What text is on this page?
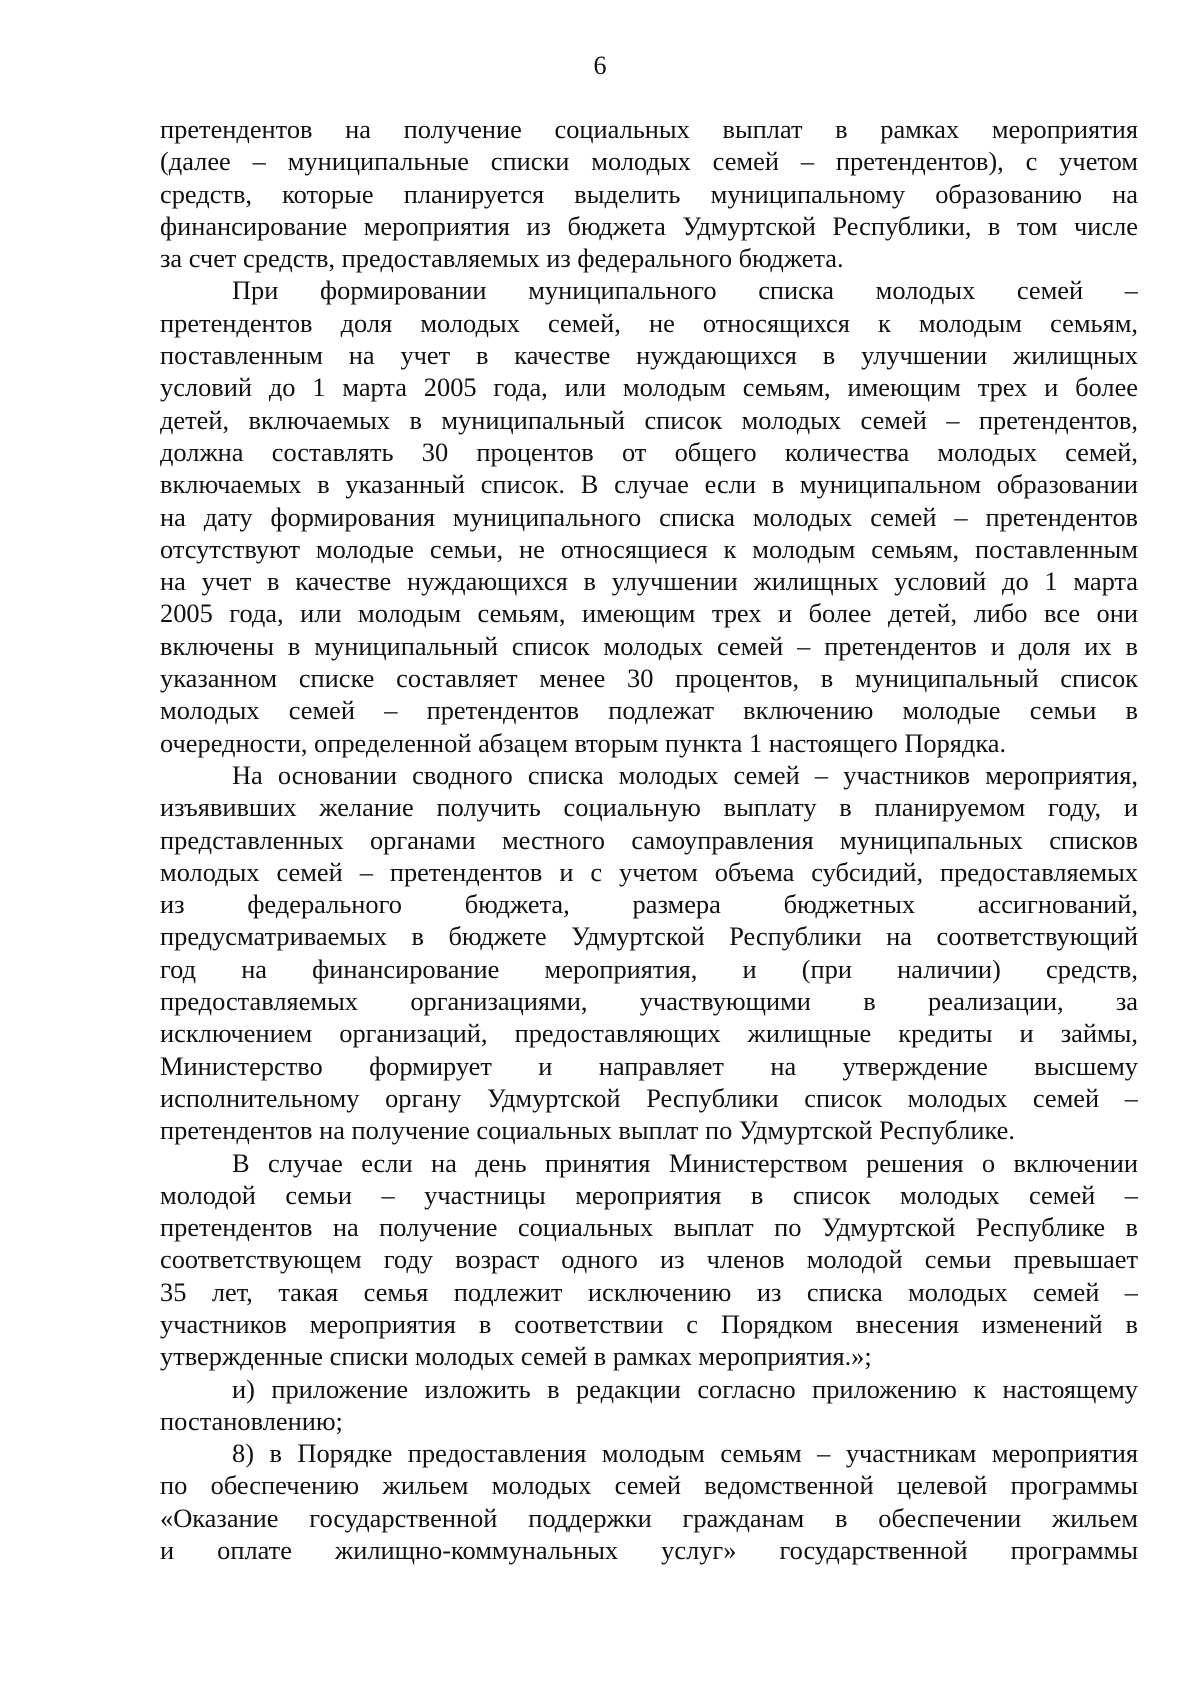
6
претендентов на получение социальных выплат в рамках мероприятия
(далее – муниципальные списки молодых семей – претендентов), с учетом
средств, которые планируется выделить муниципальному образованию на
финансирование мероприятия из бюджета Удмуртской Республики, в том числе
за счет средств, предоставляемых из федерального бюджета.
При формировании муниципального списка молодых семей –
претендентов доля молодых семей, не относящихся к молодым семьям,
поставленным на учет в качестве нуждающихся в улучшении жилищных
условий до 1 марта 2005 года, или молодым семьям, имеющим трех и более
детей, включаемых в муниципальный список молодых семей – претендентов,
должна составлять 30 процентов от общего количества молодых семей,
включаемых в указанный список. В случае если в муниципальном образовании
на дату формирования муниципального списка молодых семей – претендентов
отсутствуют молодые семьи, не относящиеся к молодым семьям, поставленным
на учет в качестве нуждающихся в улучшении жилищных условий до 1 марта
2005 года, или молодым семьям, имеющим трех и более детей, либо все они
включены в муниципальный список молодых семей – претендентов и доля их в
указанном списке составляет менее 30 процентов, в муниципальный список
молодых семей – претендентов подлежат включению молодые семьи в
очередности, определенной абзацем вторым пункта 1 настоящего Порядка.
На основании сводного списка молодых семей – участников мероприятия,
изъявивших желание получить социальную выплату в планируемом году, и
представленных органами местного самоуправления муниципальных списков
молодых семей – претендентов и с учетом объема субсидий, предоставляемых
из федерального бюджета, размера бюджетных ассигнований,
предусматриваемых в бюджете Удмуртской Республики на соответствующий
год на финансирование мероприятия, и (при наличии) средств,
предоставляемых организациями, участвующими в реализации, за
исключением организаций, предоставляющих жилищные кредиты и займы,
Министерство формирует и направляет на утверждение высшему
исполнительному органу Удмуртской Республики список молодых семей –
претендентов на получение социальных выплат по Удмуртской Республике.
В случае если на день принятия Министерством решения о включении
молодой семьи – участницы мероприятия в список молодых семей –
претендентов на получение социальных выплат по Удмуртской Республике в
соответствующем году возраст одного из членов молодой семьи превышает
35 лет, такая семья подлежит исключению из списка молодых семей –
участников мероприятия в соответствии с Порядком внесения изменений в
утвержденные списки молодых семей в рамках мероприятия.»;
и) приложение изложить в редакции согласно приложению к настоящему
постановлению;
8) в Порядке предоставления молодым семьям – участникам мероприятия
по обеспечению жильем молодых семей ведомственной целевой программы
«Оказание государственной поддержки гражданам в обеспечении жильем
и оплате жилищно-коммунальных услуг» государственной программы
